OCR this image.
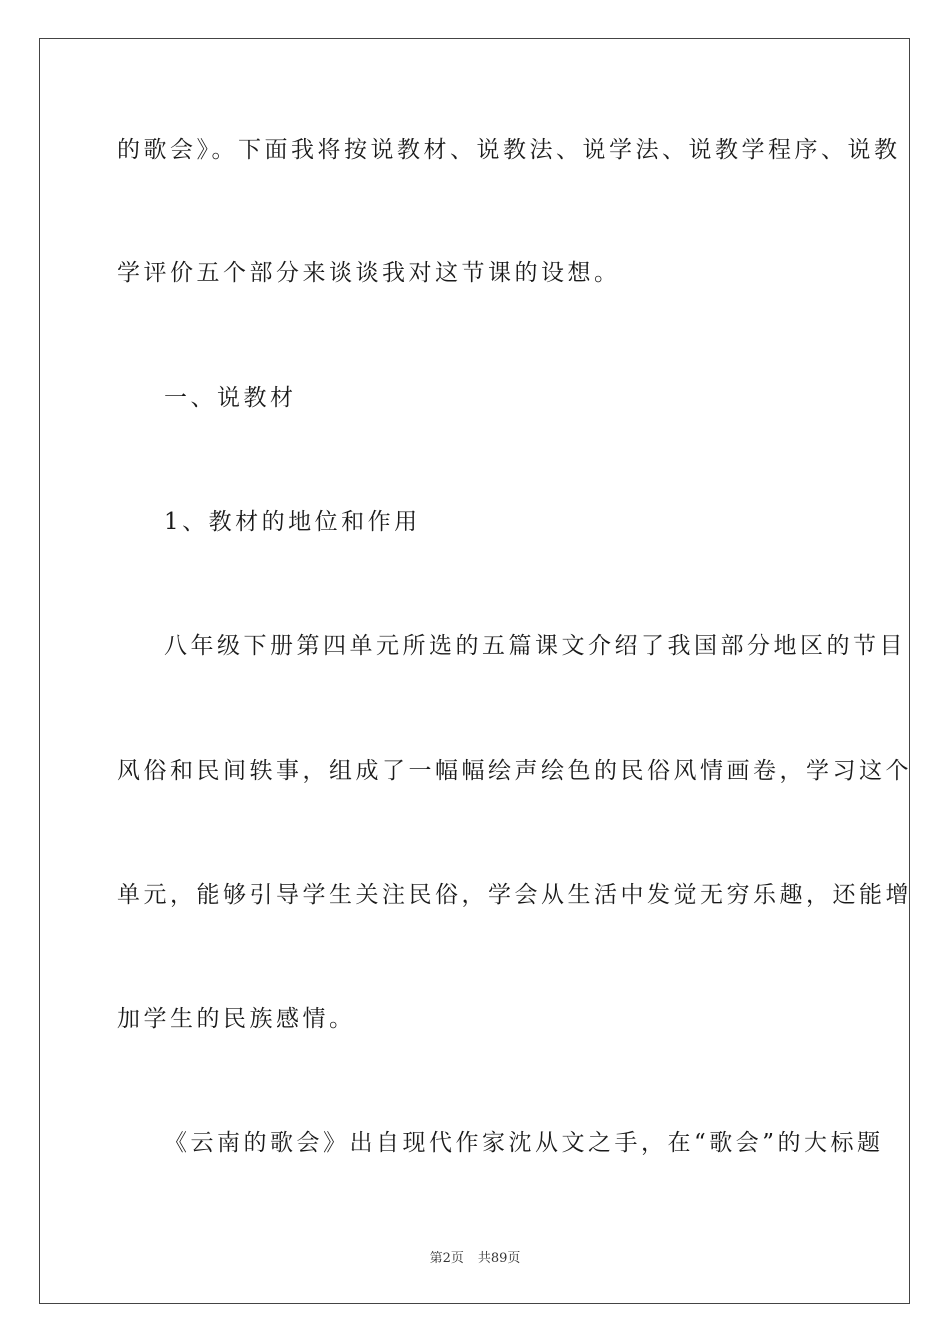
的歌会》。下面我将按说教材、说教法、说学法、说教学程序、说教
学评价五个部分来谈谈我对这节课的设想。
一、说教材
1、教材的地位和作用
八年级下册第四单元所选的五篇课文介绍了我国部分地区的节目
风俗和民间轶事，组成了一幅幅绘声绘色的民俗风情画卷，学习这个
单元，能够引导学生关注民俗，学会从生活中发觉无穷乐趣，还能增
加学生的民族感情。
《云南的歌会》出自现代作家沈从文之手，在“歌会”的大标题
第2页 共89页
